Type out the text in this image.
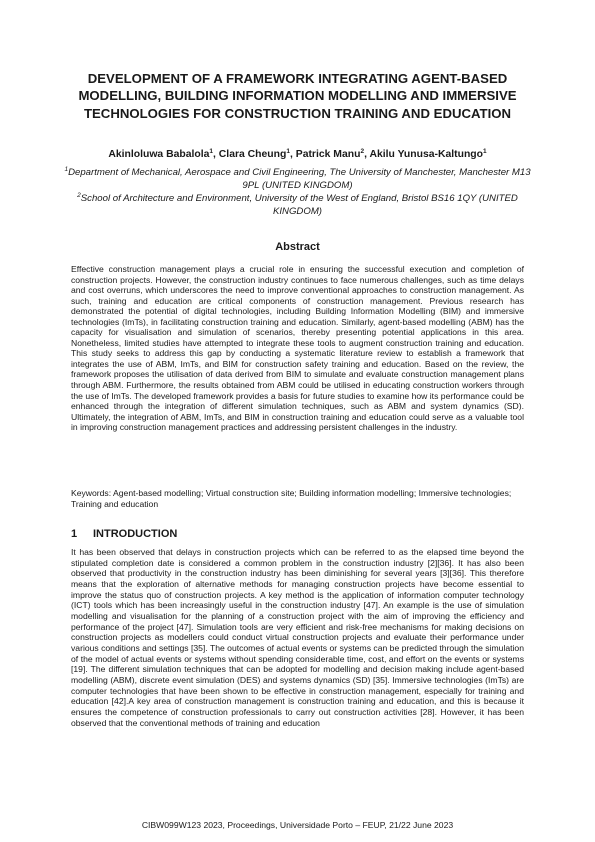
DEVELOPMENT OF A FRAMEWORK INTEGRATING AGENT-BASED MODELLING, BUILDING INFORMATION MODELLING AND IMMERSIVE TECHNOLOGIES FOR CONSTRUCTION TRAINING AND EDUCATION

Akinloluwa Babalola$^1$, Clara Cheung$^1$, Patrick Manu$^2$, Akilu Yunusa-Kaltungo$^1$

$^1$Department of Mechanical, Aerospace and Civil Engineering, The University of Manchester, Manchester M13 9PL (UNITED KINGDOM)

$^2$School of Architecture and Environment, University of the West of England, Bristol BS16 1QY (UNITED KINGDOM)

Abstract

Effective construction management plays a crucial role in ensuring the successful execution and completion of construction projects. However, the construction industry continues to face numerous challenges, such as time delays and cost overruns, which underscores the need to improve conventional approaches to construction management. As such, training and education are critical components of construction management. Previous research has demonstrated the potential of digital technologies, including Building Information Modelling (BIM) and immersive technologies (ImTs), in facilitating construction training and education. Similarly, agent-based modelling (ABM) has the capacity for visualisation and simulation of scenarios, thereby presenting potential applications in this area. Nonetheless, limited studies have attempted to integrate these tools to augment construction training and education. This study seeks to address this gap by conducting a systematic literature review to establish a framework that integrates the use of ABM, ImTs, and BIM for construction safety training and education. Based on the review, the framework proposes the utilisation of data derived from BIM to simulate and evaluate construction management plans through ABM. Furthermore, the results obtained from ABM could be utilised in educating construction workers through the use of ImTs. The developed framework provides a basis for future studies to examine how its performance could be enhanced through the integration of different simulation techniques, such as ABM and system dynamics (SD). Ultimately, the integration of ABM, ImTs, and BIM in construction training and education could serve as a valuable tool in improving construction management practices and addressing persistent challenges in the industry.

Keywords: Agent-based modelling; Virtual construction site; Building information modelling; Immersive technologies; Training and education

1 INTRODUCTION

It has been observed that delays in construction projects which can be referred to as the elapsed time beyond the stipulated completion date is considered a common problem in the construction industry [2][36]. It has also been observed that productivity in the construction industry has been diminishing for several years [3][36]. This therefore means that the exploration of alternative methods for managing construction projects have become essential to improve the status quo of construction projects. A key method is the application of information computer technology (ICT) tools which has been increasingly useful in the construction industry [47]. An example is the use of simulation modelling and visualisation for the planning of a construction project with the aim of improving the efficiency and performance of the project [47]. Simulation tools are very efficient and risk-free mechanisms for making decisions on construction projects as modellers could conduct virtual construction projects and evaluate their performance under various conditions and settings [35]. The outcomes of actual events or systems can be predicted through the simulation of the model of actual events or systems without spending considerable time, cost, and effort on the events or systems [19]. The different simulation techniques that can be adopted for modelling and decision making include agent-based modelling (ABM), discrete event simulation (DES) and systems dynamics (SD) [35]. Immersive technologies (ImTs) are computer technologies that have been shown to be effective in construction management, especially for training and education [42].A key area of construction management is construction training and education, and this is because it ensures the competence of construction professionals to carry out construction activities [28]. However, it has been observed that the conventional methods of training and education

CIBW099W123 2023, Proceedings, Universidade Porto – FEUP, 21/22 June 2023
